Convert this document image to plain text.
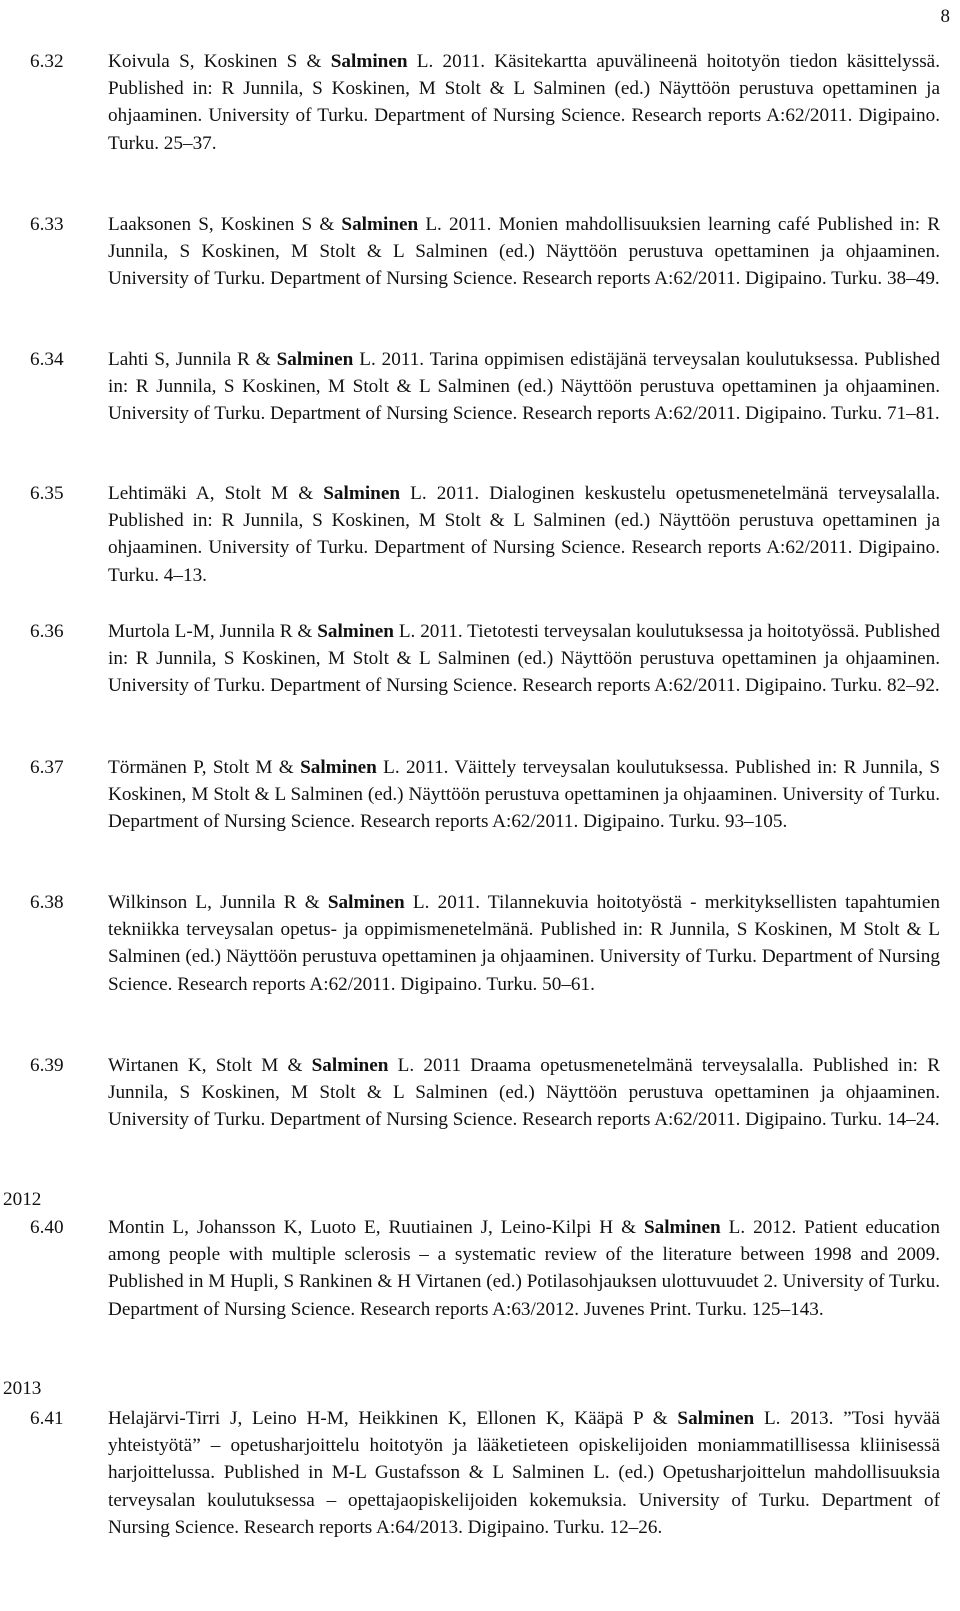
8
6.32	Koivula S, Koskinen S & Salminen L. 2011. Käsitekartta apuvälineenä hoitotyön tiedon käsittelyssä. Published in: R Junnila, S Koskinen, M Stolt & L Salminen (ed.) Näyttöön perustuva opettaminen ja ohjaaminen. University of Turku. Department of Nursing Science. Research reports A:62/2011. Digipaino. Turku. 25–37.
6.33	Laaksonen S, Koskinen S & Salminen L. 2011. Monien mahdollisuuksien learning café Published in: R Junnila, S Koskinen, M Stolt & L Salminen (ed.) Näyttöön perustuva opettaminen ja ohjaaminen. University of Turku. Department of Nursing Science. Research reports A:62/2011. Digipaino. Turku. 38–49.
6.34	Lahti S, Junnila R & Salminen L. 2011. Tarina oppimisen edistäjänä terveysalan koulutuksessa. Published in: R Junnila, S Koskinen, M Stolt & L Salminen (ed.) Näyttöön perustuva opettaminen ja ohjaaminen. University of Turku. Department of Nursing Science. Research reports A:62/2011. Digipaino. Turku. 71–81.
6.35	Lehtimäki A, Stolt M & Salminen L. 2011. Dialoginen keskustelu opetusmenetelmänä terveysalalla. Published in: R Junnila, S Koskinen, M Stolt & L Salminen (ed.) Näyttöön perustuva opettaminen ja ohjaaminen. University of Turku. Department of Nursing Science. Research reports A:62/2011. Digipaino. Turku. 4–13.
6.36	Murtola L-M, Junnila R & Salminen L. 2011. Tietotesti terveysalan koulutuksessa ja hoitotyössä. Published in: R Junnila, S Koskinen, M Stolt & L Salminen (ed.) Näyttöön perustuva opettaminen ja ohjaaminen. University of Turku. Department of Nursing Science. Research reports A:62/2011. Digipaino. Turku. 82–92.
6.37	Törmänen P, Stolt M & Salminen L. 2011. Väittely terveysalan koulutuksessa. Published in: R Junnila, S Koskinen, M Stolt & L Salminen (ed.) Näyttöön perustuva opettaminen ja ohjaaminen. University of Turku. Department of Nursing Science. Research reports A:62/2011. Digipaino. Turku. 93–105.
6.38	Wilkinson L, Junnila R & Salminen L. 2011. Tilannekuvia hoitotyöstä - merkityksellisten tapahtumien tekniikka terveysalan opetus- ja oppimismenetelmänä. Published in: R Junnila, S Koskinen, M Stolt & L Salminen (ed.) Näyttöön perustuva opettaminen ja ohjaaminen. University of Turku. Department of Nursing Science. Research reports A:62/2011. Digipaino. Turku. 50–61.
6.39	Wirtanen K, Stolt M & Salminen L. 2011 Draama opetusmenetelmänä terveysalalla. Published in: R Junnila, S Koskinen, M Stolt & L Salminen (ed.) Näyttöön perustuva opettaminen ja ohjaaminen. University of Turku. Department of Nursing Science. Research reports A:62/2011. Digipaino. Turku. 14–24.
2012
6.40	Montin L, Johansson K, Luoto E, Ruutiainen J, Leino-Kilpi H & Salminen L. 2012. Patient education among people with multiple sclerosis – a systematic review of the literature between 1998 and 2009. Published in M Hupli, S Rankinen & H Virtanen (ed.) Potilasohjauksen ulottuvuudet 2. University of Turku. Department of Nursing Science. Research reports A:63/2012. Juvenes Print. Turku. 125–143.
2013
6.41	Helajärvi-Tirri J, Leino H-M, Heikkinen K, Ellonen K, Kääpä P & Salminen L. 2013. ”Tosi hyvää yhteistyötä” – opetusharjoittelu hoitotyön ja lääketieteen opiskelijoiden moniammatillisessa kliinisessä harjoittelussa. Published in M-L Gustafsson & L Salminen L. (ed.) Opetusharjoittelun mahdollisuuksia terveysalan koulutuksessa – opettajaopiskelijoiden kokemuksia. University of Turku. Department of Nursing Science. Research reports A:64/2013. Digipaino. Turku. 12–26.
